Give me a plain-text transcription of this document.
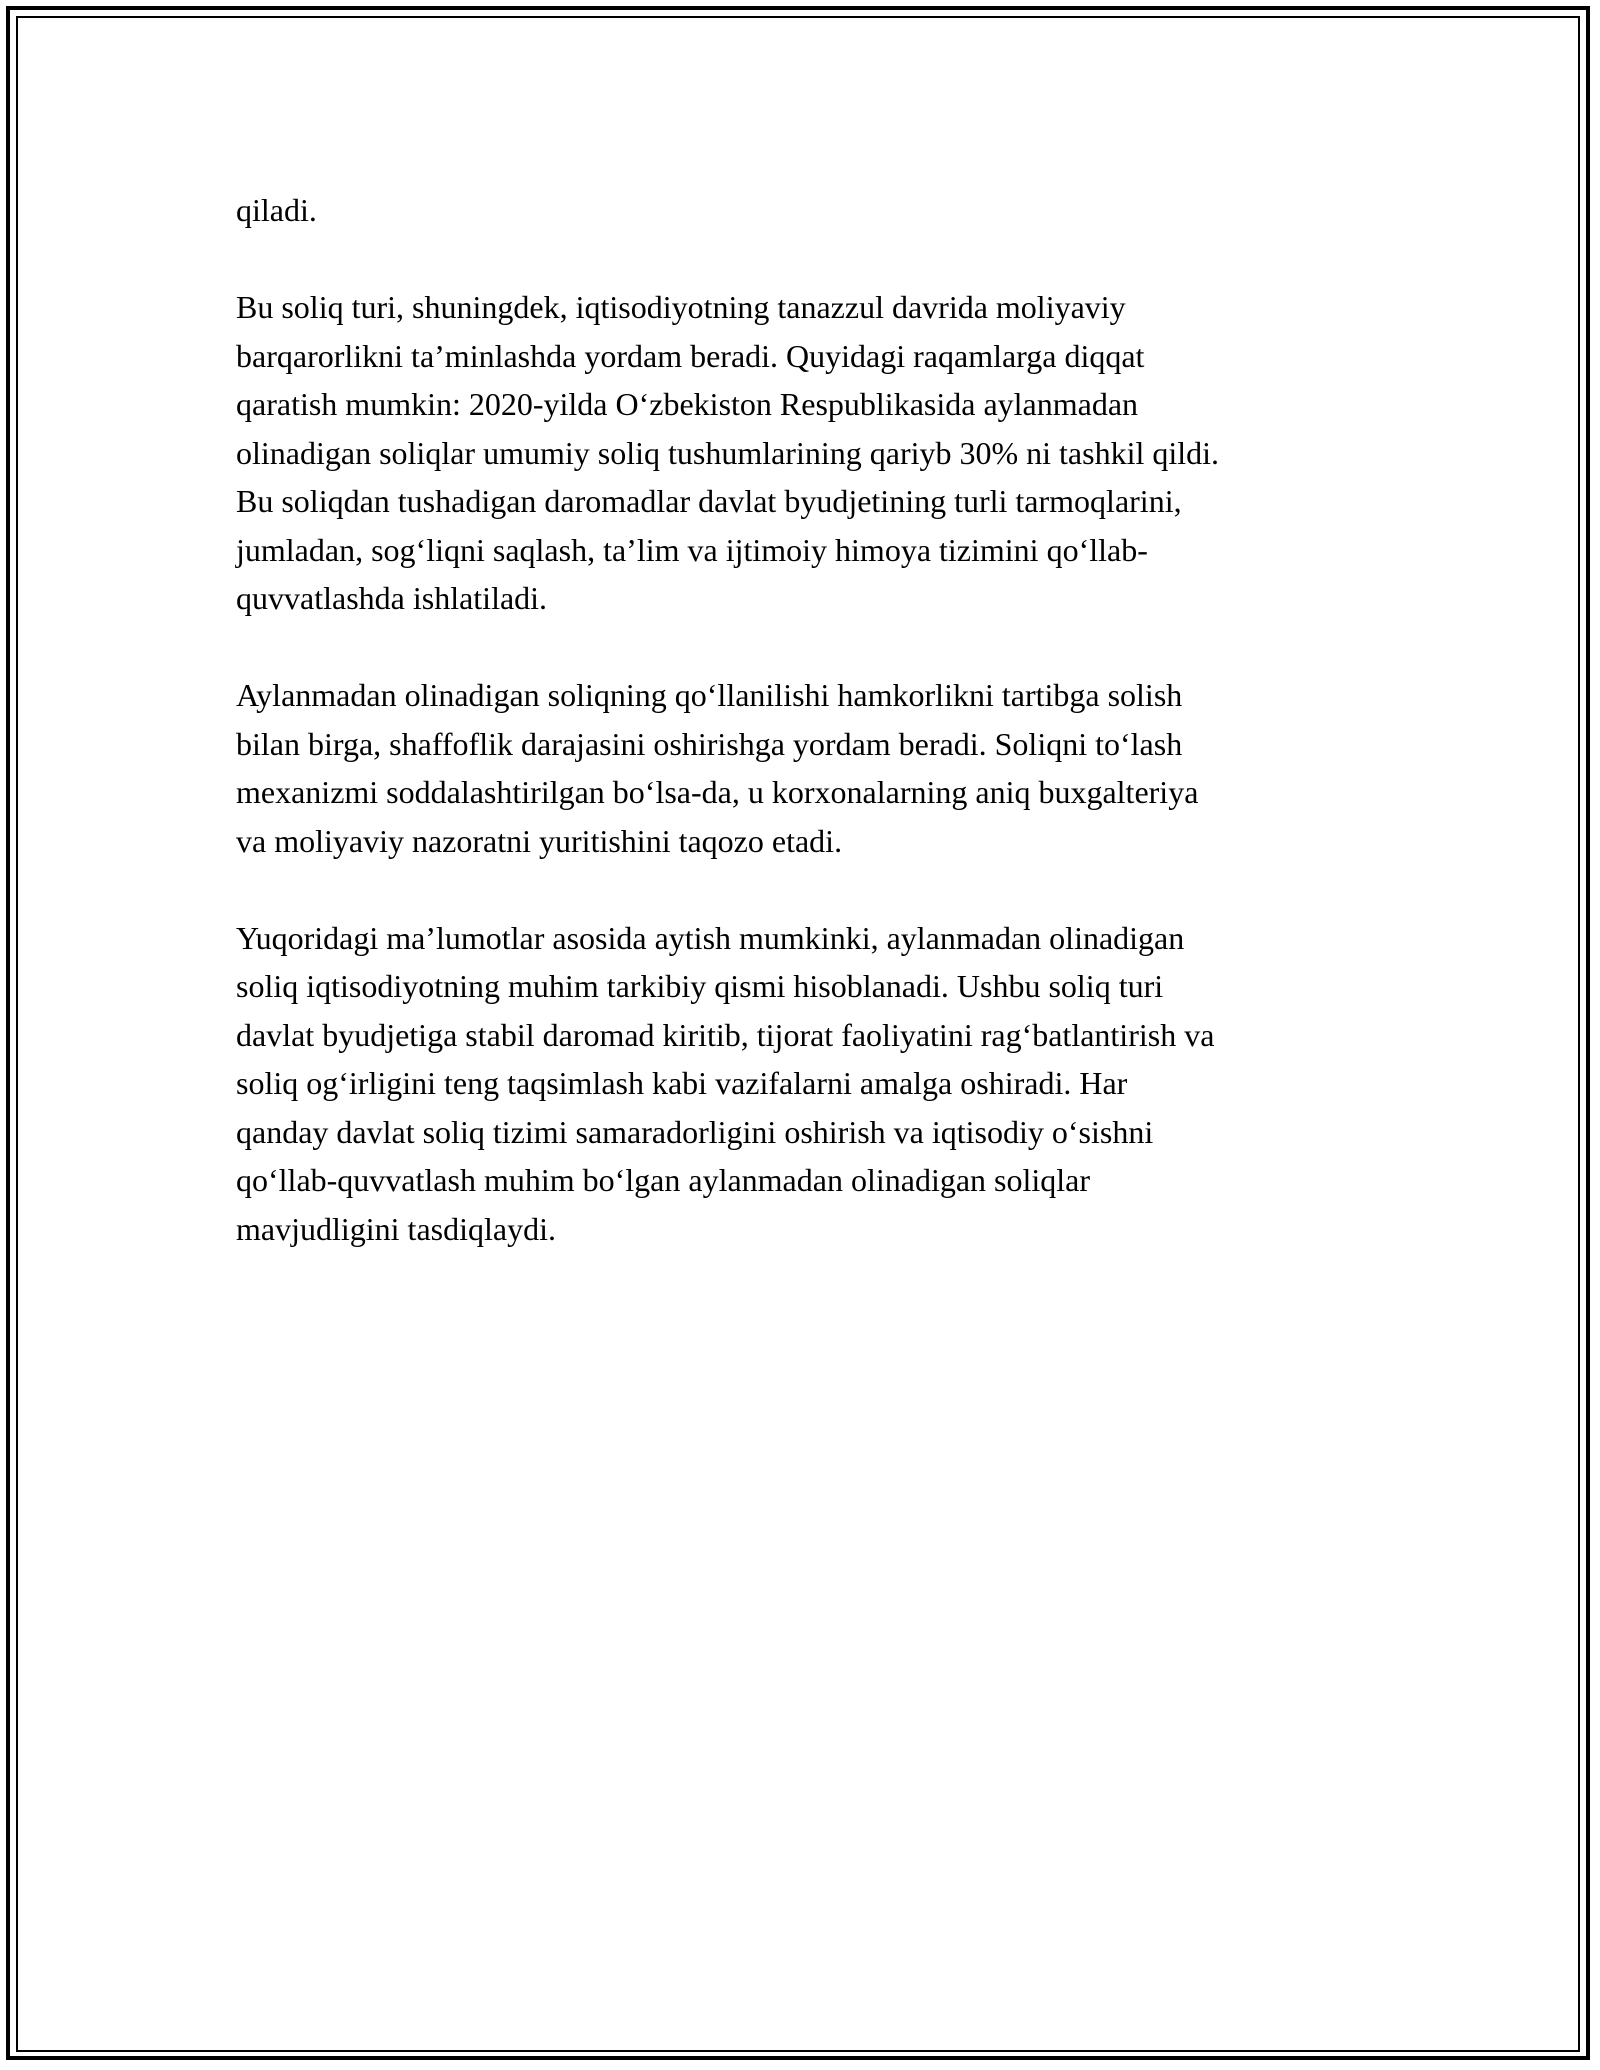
qiladi.

Bu soliq turi, shuningdek, iqtisodiyotning tanazzul davrida moliyaviy
barqarorlikni ta’minlashda yordam beradi. Quyidagi raqamlarga diqqat
qaratish mumkin: 2020-yilda O‘zbekiston Respublikasida aylanmadan
olinadigan soliqlar umumiy soliq tushumlarining qariyb 30% ni tashkil qildi.
Bu soliqdan tushadigan daromadlar davlat byudjetining turli tarmoqlarini,
jumladan, sog‘liqni saqlash, ta’lim va ijtimoiy himoya tizimini qo‘llab-
quvvatlashda ishlatiladi.

Aylanmadan olinadigan soliqning qo‘llanilishi hamkorlikni tartibga solish
bilan birga, shaffoflik darajasini oshirishga yordam beradi. Soliqni to‘lash
mexanizmi soddalashtirilgan bo‘lsa-da, u korxonalarning aniq buxgalteriya
va moliyaviy nazoratni yuritishini taqozo etadi.

Yuqoridagi ma’lumotlar asosida aytish mumkinki, aylanmadan olinadigan
soliq iqtisodiyotning muhim tarkibiy qismi hisoblanadi. Ushbu soliq turi
davlat byudjetiga stabil daromad kiritib, tijorat faoliyatini rag‘batlantirish va
soliq og‘irligini teng taqsimlash kabi vazifalarni amalga oshiradi. Har
qanday davlat soliq tizimi samaradorligini oshirish va iqtisodiy o‘sishni
qo‘llab-quvvatlash muhim bo‘lgan aylanmadan olinadigan soliqlar
mavjudligini tasdiqlaydi.
